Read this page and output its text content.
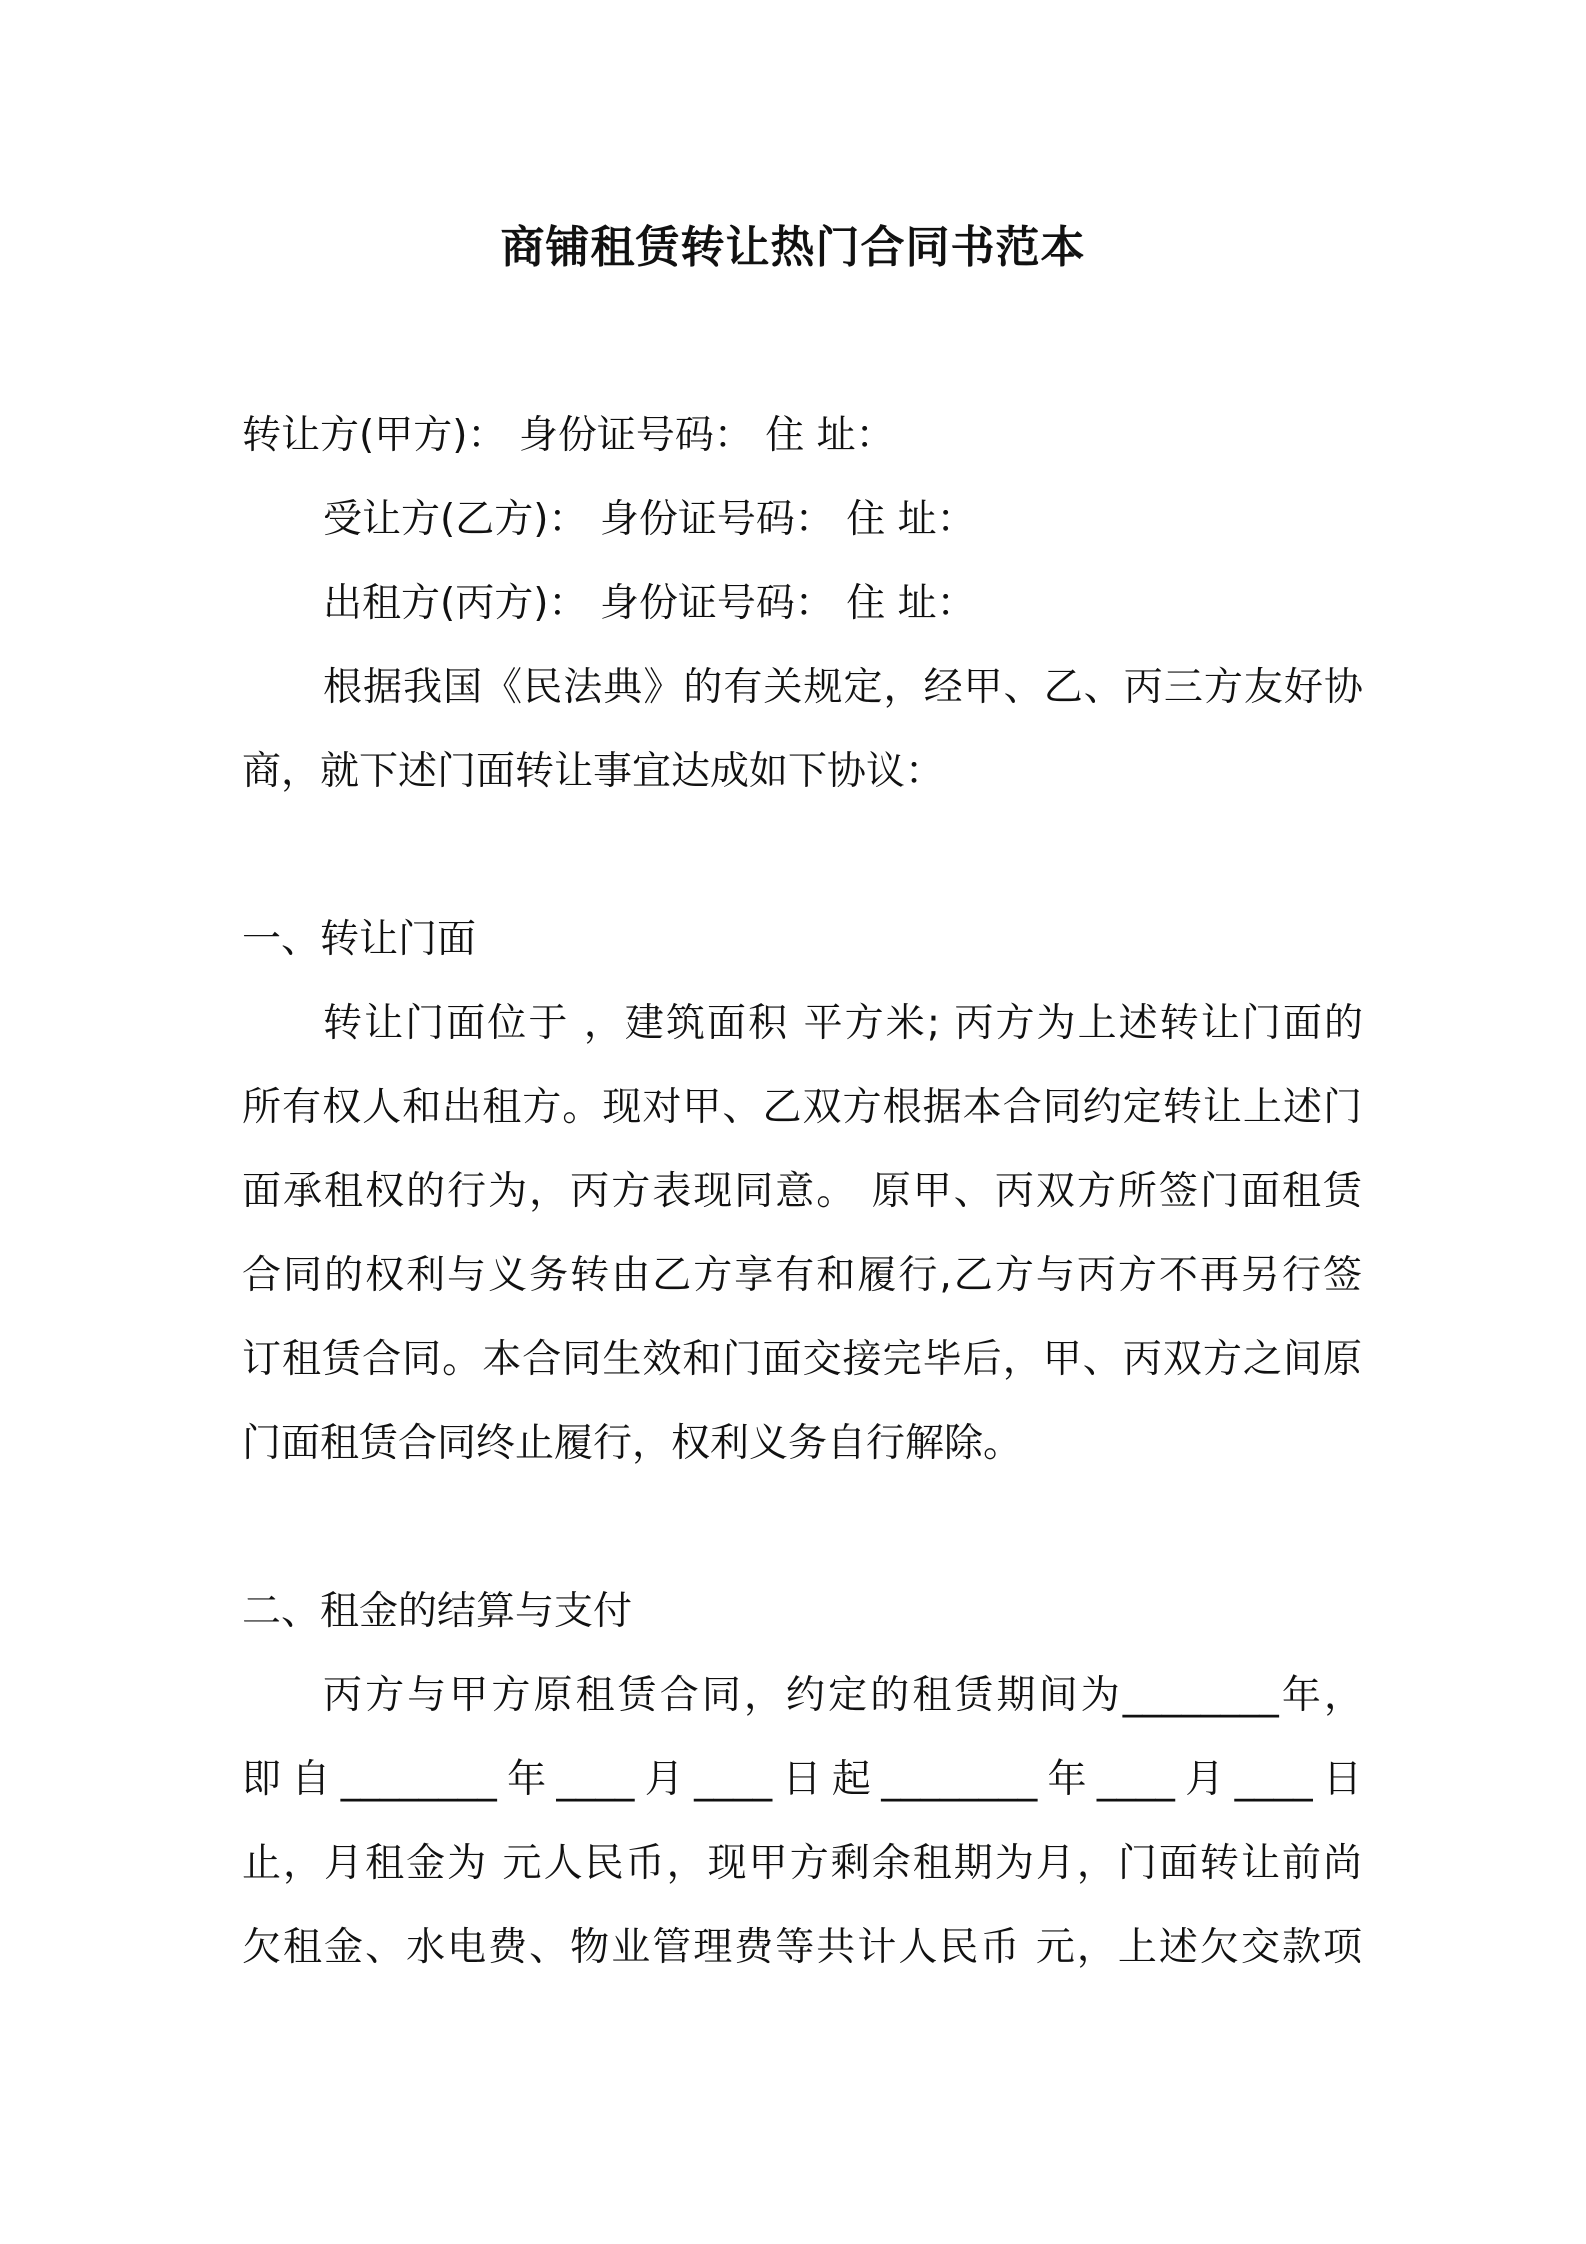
商铺租赁转让热门合同书范本
转让方(甲方)： 身份证号码： 住 址：
受让方(乙方)： 身份证号码： 住 址：
出租方(丙方)： 身份证号码： 住 址：
根据我国《民法典》的有关规定，经甲、乙、丙三方友好协
商，就下述门面转让事宜达成如下协议：
一、转让门面
转让门面位于 ，建筑面积 平方米; 丙方为上述转让门面的
所有权人和出租方。现对甲、乙双方根据本合同约定转让上述门
面承租权的行为，丙方表现同意。 原甲、丙双方所签门面租赁
合同的权利与义务转由乙方享有和履行,乙方与丙方不再另行签
订租赁合同。本合同生效和门面交接完毕后，甲、丙双方之间原
门面租赁合同终止履行，权利义务自行解除。
二、租金的结算与支付
丙方与甲方原租赁合同，约定的租赁期间为________年，
即自________年____月____日起________年____月____日
止，月租金为 元人民币，现甲方剩余租期为月，门面转让前尚
欠租金、水电费、物业管理费等共计人民币 元，上述欠交款项
